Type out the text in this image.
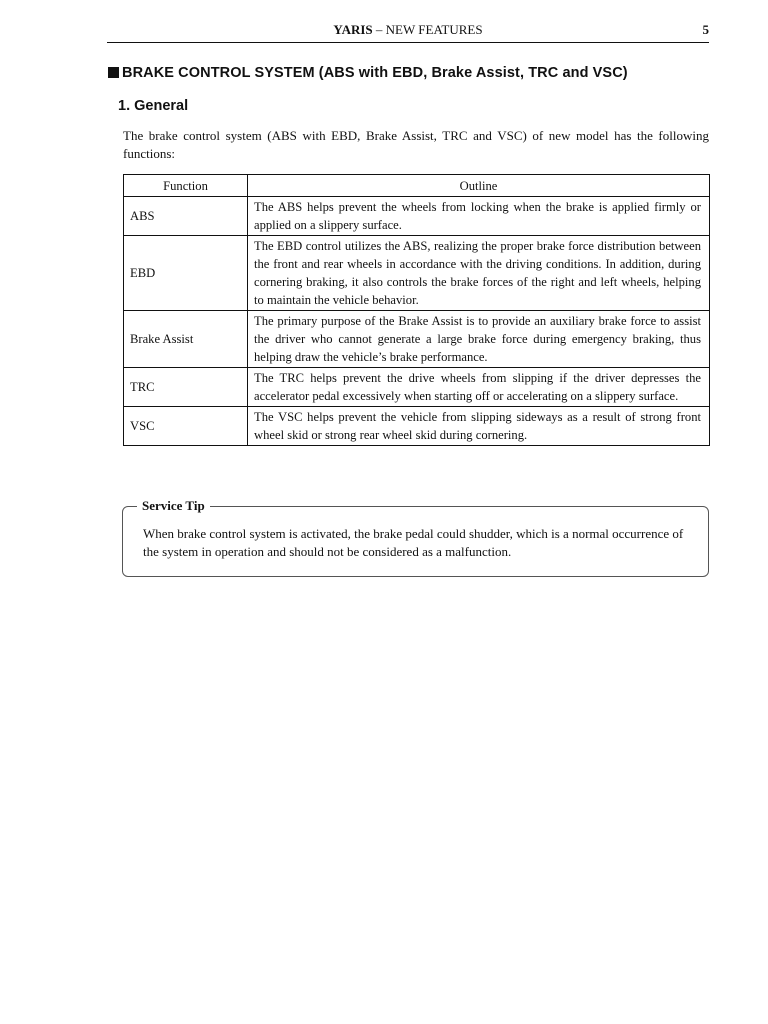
YARIS – NEW FEATURES	5
BRAKE CONTROL SYSTEM (ABS with EBD, Brake Assist, TRC and VSC)
1. General
The brake control system (ABS with EBD, Brake Assist, TRC and VSC) of new model has the following functions:
Function	Outline
ABS	The ABS helps prevent the wheels from locking when the brake is applied firmly or applied on a slippery surface.
EBD	The EBD control utilizes the ABS, realizing the proper brake force distribution between the front and rear wheels in accordance with the driving conditions. In addition, during cornering braking, it also controls the brake forces of the right and left wheels, helping to maintain the vehicle behavior.
Brake Assist	The primary purpose of the Brake Assist is to provide an auxiliary brake force to assist the driver who cannot generate a large brake force during emergency braking, thus helping draw the vehicle’s brake performance.
TRC	The TRC helps prevent the drive wheels from slipping if the driver depresses the accelerator pedal excessively when starting off or accelerating on a slippery surface.
VSC	The VSC helps prevent the vehicle from slipping sideways as a result of strong front wheel skid or strong rear wheel skid during cornering.
Service Tip
When brake control system is activated, the brake pedal could shudder, which is a normal occurrence of the system in operation and should not be considered as a malfunction.
